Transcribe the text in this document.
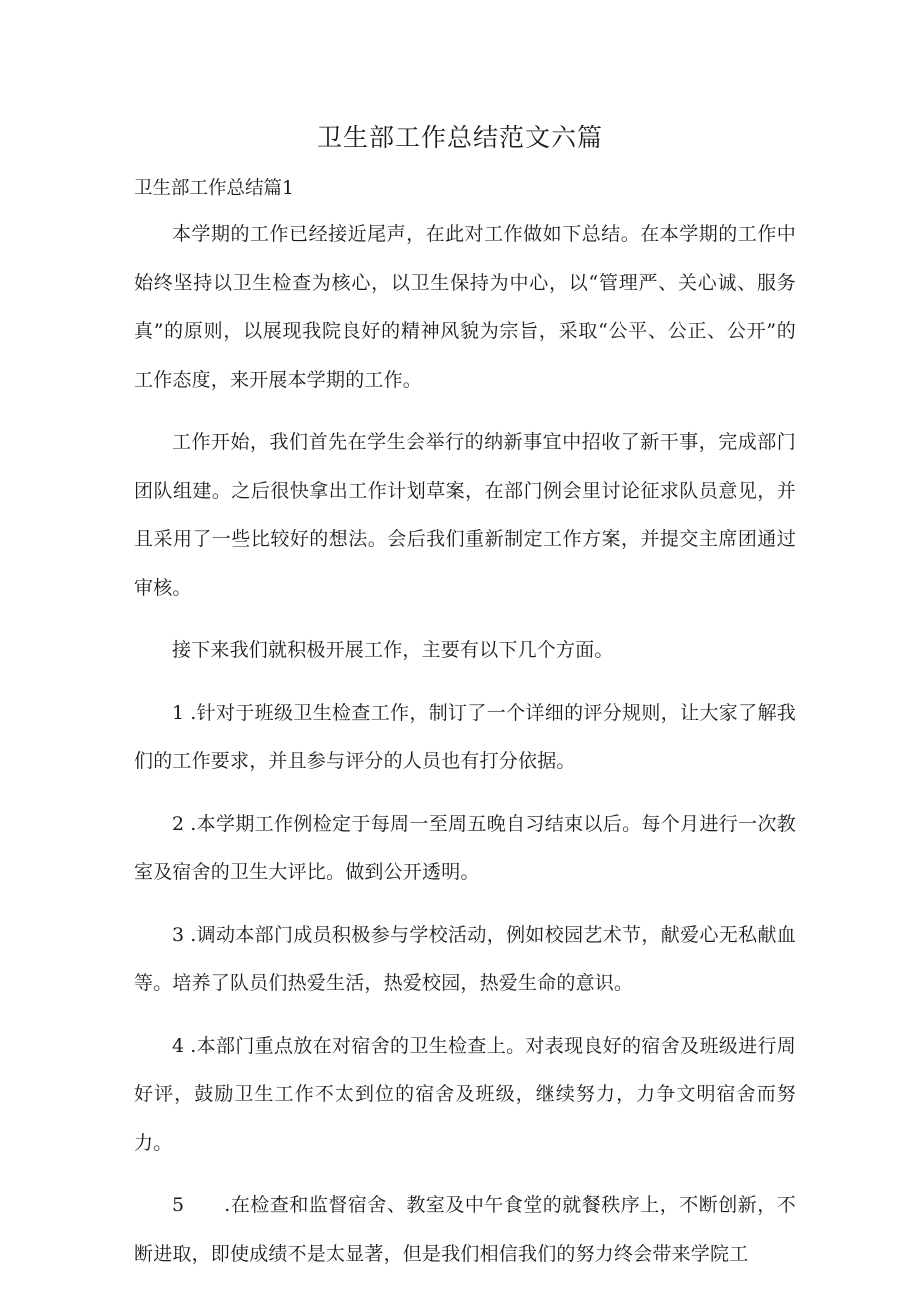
卫生部工作总结范文六篇
卫生部工作总结篇1

本学期的工作已经接近尾声，在此对工作做如下总结。在本学期的工作中始终坚持以卫生检查为核心，以卫生保持为中心，以“管理严、关心诚、服务真”的原则，以展现我院良好的精神风貌为宗旨，采取“公平、公正、公开”的工作态度，来开展本学期的工作。

工作开始，我们首先在学生会举行的纳新事宜中招收了新干事，完成部门团队组建。之后很快拿出工作计划草案，在部门例会里讨论征求队员意见，并且采用了一些比较好的想法。会后我们重新制定工作方案，并提交主席团通过审核。

接下来我们就积极开展工作，主要有以下几个方面。

1 .针对于班级卫生检查工作，制订了一个详细的评分规则，让大家了解我们的工作要求，并且参与评分的人员也有打分依据。

2 .本学期工作例检定于每周一至周五晚自习结束以后。每个月进行一次教室及宿舍的卫生大评比。做到公开透明。

3 .调动本部门成员积极参与学校活动，例如校园艺术节，献爱心无私献血等。培养了队员们热爱生活，热爱校园，热爱生命的意识。

4 .本部门重点放在对宿舍的卫生检查上。对表现良好的宿舍及班级进行周好评，鼓励卫生工作不太到位的宿舍及班级，继续努力，力争文明宿舍而努力。

5 .在检查和监督宿舍、教室及中午食堂的就餐秩序上，不断创新，不断进取，即使成绩不是太显著，但是我们相信我们的努力终会带来学院工
